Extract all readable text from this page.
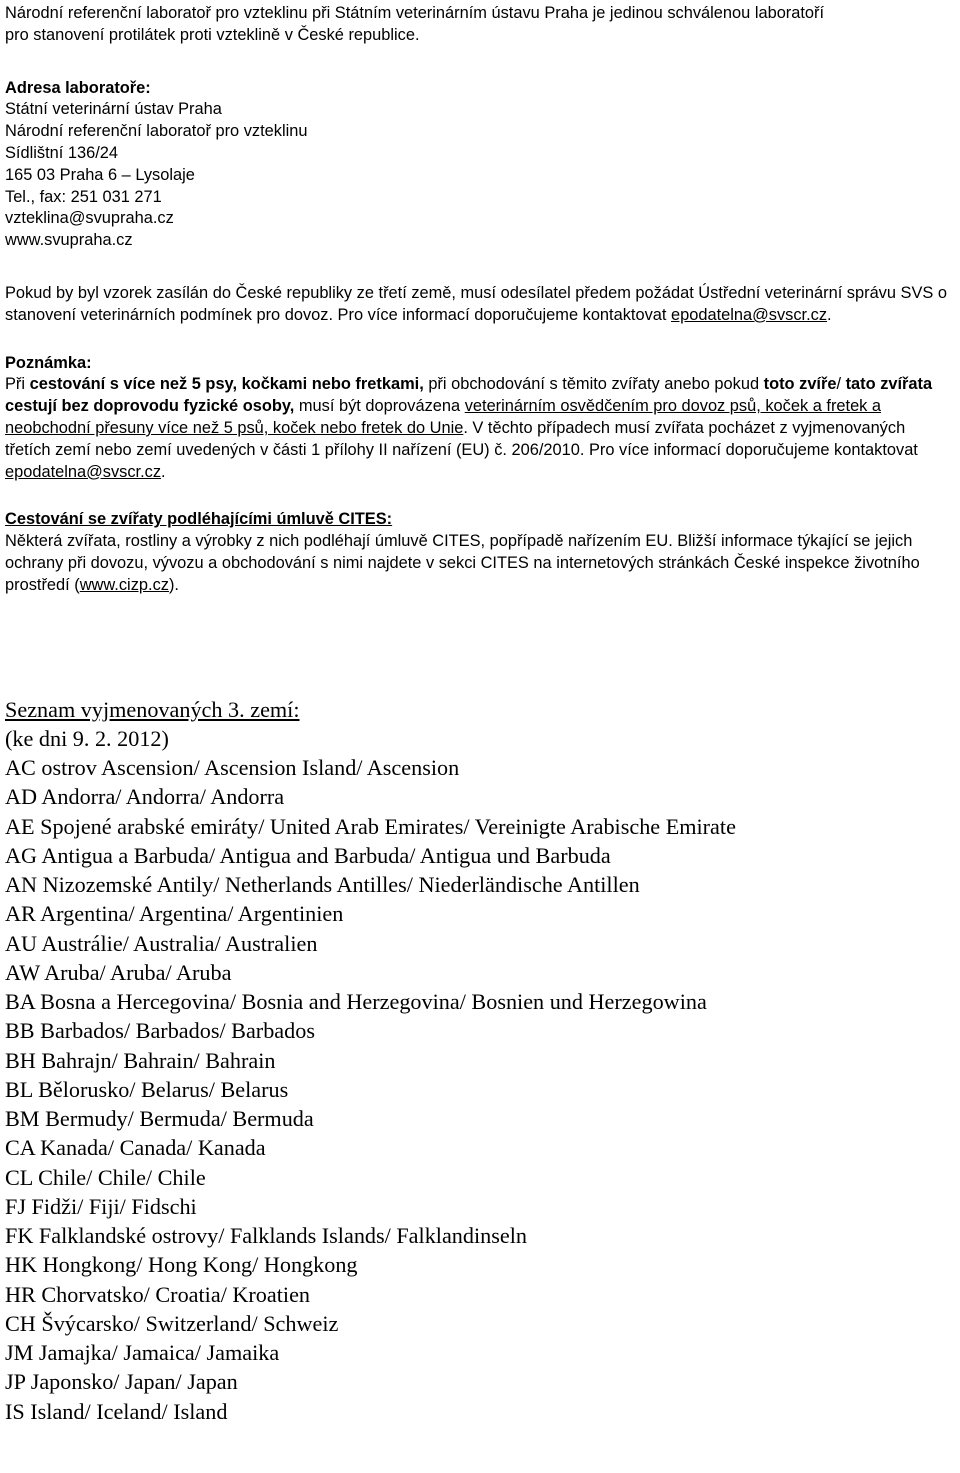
Národní referenční laboratoř pro vzteklinu při Státním veterinárním ústavu Praha je jedinou schválenou laboratoří
pro stanovení protilátek proti vzteklině v České republice.
Adresa laboratoře:
Státní veterinární ústav Praha
Národní referenční laboratoř pro vzteklinu
Sídlištní 136/24
165 03 Praha 6 – Lysolaje
Tel., fax: 251 031 271
vzteklina@svupraha.cz
www.svupraha.cz

Pokud by byl vzorek zasílán do České republiky ze třetí země, musí odesílatel předem požádat Ústřední veterinární správu SVS o stanovení veterinárních podmínek pro dovoz. Pro více informací doporučujeme kontaktovat epodatelna@svscr.cz.

Poznámka:

Při cestování s více než 5 psy, kočkami nebo fretkami, při obchodování s těmito zvířaty anebo pokud toto zvíře/ tato zvířata cestují bez doprovodu fyzické osoby, musí být doprovázena veterinárním osvědčením pro dovoz psů, koček a fretek a neobchodní přesuny více než 5 psů, koček nebo fretek do Unie. V těchto případech musí zvířata pocházet z vyjmenovaných třetích zemí nebo zemí uvedených v části 1 přílohy II nařízení (EU) č. 206/2010. Pro více informací doporučujeme kontaktovat epodatelna@svscr.cz.

Cestování se zvířaty podléhajícími úmluvě CITES:

Některá zvířata, rostliny a výrobky z nich podléhají úmluvě CITES, popřípadě nařízením EU. Bližší informace týkající se jejich ochrany při dovozu, vývozu a obchodování s nimi najdete v sekci CITES na internetových stránkách České inspekce životního prostředí (www.cizp.cz).

Seznam vyjmenovaných 3. zemí:
(ke dni 9. 2. 2012)
AC ostrov Ascension/ Ascension Island/ Ascension
AD Andorra/ Andorra/ Andorra
AE Spojené arabské emiráty/ United Arab Emirates/ Vereinigte Arabische Emirate
AG Antigua a Barbuda/ Antigua and Barbuda/ Antigua und Barbuda
AN Nizozemské Antily/ Netherlands Antilles/ Niederländische Antillen
AR Argentina/ Argentina/ Argentinien
AU Austrálie/ Australia/ Australien
AW Aruba/ Aruba/ Aruba
BA Bosna a Hercegovina/ Bosnia and Herzegovina/ Bosnien und Herzegowina
BB Barbados/ Barbados/ Barbados
BH Bahrajn/ Bahrain/ Bahrain
BL Bělorusko/ Belarus/ Belarus
BM Bermudy/ Bermuda/ Bermuda
CA Kanada/ Canada/ Kanada
CL Chile/ Chile/ Chile
FJ Fidži/ Fiji/ Fidschi
FK Falklandské ostrovy/ Falklands Islands/ Falklandinseln
HK Hongkong/ Hong Kong/ Hongkong
HR Chorvatsko/ Croatia/ Kroatien
CH Švýcarsko/ Switzerland/ Schweiz
JM Jamajka/ Jamaica/ Jamaika
JP Japonsko/ Japan/ Japan
IS Island/ Iceland/ Island
